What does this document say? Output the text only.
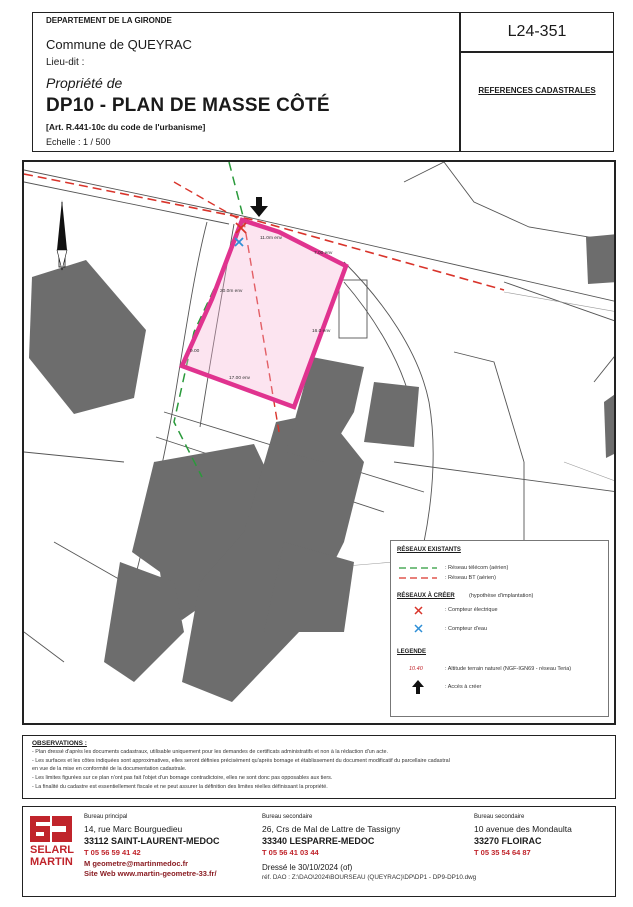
DEPARTEMENT DE LA GIRONDE
Commune de QUEYRAC
Lieu-dit :
Propriété de
DP10 - PLAN DE MASSE CÔTÉ
[Art. R.441-10c du code de l'urbanisme]
Echelle : 1 / 500
L24-351
REFERENCES CADASTRALES
11.0m env
7.00 env
16.0 env
17.00 env
9.00
20.0m env
RÉSEAUX EXISTANTS
: Réseau télécom (aérien)
: Réseau BT (aérien)
RÉSEAUX À CRÉER	(hypothèse d'implantation)
: Compteur électrique
: Compteur d'eau
LEGENDE
10.40	: Altitude terrain naturel (NGF-IGN69 - réseau Teria)
: Accès à créer
OBSERVATIONS :
- Plan dressé d'après les documents cadastraux, utilisable uniquement pour les demandes de certificats administratifs et non à la rédaction d'un acte.
- Les surfaces et les côtes indiquées sont approximatives, elles seront définies précisément qu'après bornage et établissement du document modificatif du parcellaire cadastral
en vue de la mise en conformité de la documentation cadastrale.
- Les limites figurées sur ce plan n'ont pas fait l'objet d'un bornage contradictoire, elles ne sont donc pas opposables aux tiers.
- La finalité du cadastre est essentiellement fiscale et ne peut assurer la définition des limites réelles définissant la propriété.
SELARL
MARTIN
Bureau principal
14, rue Marc Bourguedieu
33112 SAINT-LAURENT-MEDOC
T 05 56 59 41 42
M geometre@martinmedoc.fr
Site Web www.martin-geometre-33.fr/
Bureau secondaire
26, Crs de Mal de Lattre de Tassigny
33340 LESPARRE-MEDOC
T 05 56 41 03 44
Bureau secondaire
10 avenue des Mondaulta
33270 FLOIRAC
T 05 35 54 64 87
Dressé le 30/10/2024 (of)
réf. DAO : Z:\DAO\2024\BOURSEAU (QUEYRAC)\DP\DP1 - DP9-DP10.dwg
